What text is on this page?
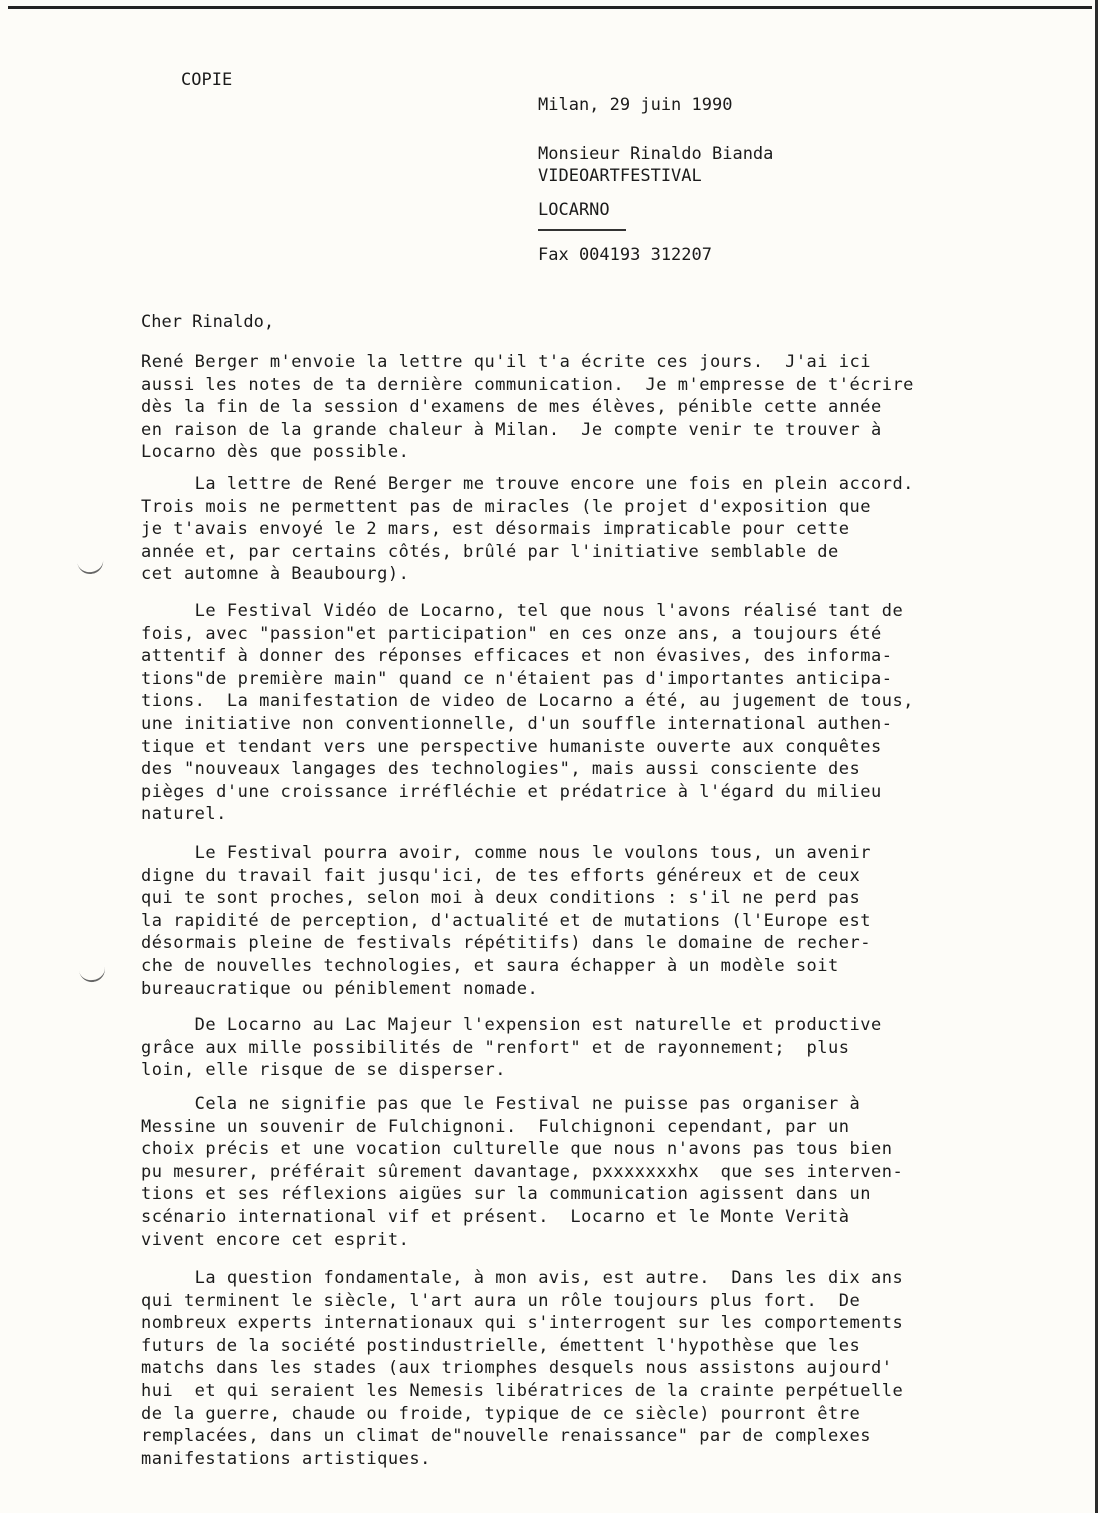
COPIE
Milan, 29 juin 1990
Monsieur Rinaldo Bianda
VIDEOARTFESTIVAL
LOCARNO
Fax 004193 312207
Cher Rinaldo,
René Berger m'envoie la lettre qu'il t'a écrite ces jours.  J'ai ici
aussi les notes de ta dernière communication.  Je m'empresse de t'écrire
dès la fin de la session d'examens de mes élèves, pénible cette année
en raison de la grande chaleur à Milan.  Je compte venir te trouver à
Locarno dès que possible.
La lettre de René Berger me trouve encore une fois en plein accord.
Trois mois ne permettent pas de miracles (le projet d'exposition que
je t'avais envoyé le 2 mars, est désormais impraticable pour cette
année et, par certains côtés, brûlé par l'initiative semblable de
cet automne à Beaubourg).
Le Festival Vidéo de Locarno, tel que nous l'avons réalisé tant de
fois, avec "passion"et participation" en ces onze ans, a toujours été
attentif à donner des réponses efficaces et non évasives, des informa-
tions"de première main" quand ce n'étaient pas d'importantes anticipa-
tions.  La manifestation de video de Locarno a été, au jugement de tous,
une initiative non conventionnelle, d'un souffle international authen-
tique et tendant vers une perspective humaniste ouverte aux conquêtes
des "nouveaux langages des technologies", mais aussi consciente des
pièges d'une croissance irréfléchie et prédatrice à l'égard du milieu
naturel.
Le Festival pourra avoir, comme nous le voulons tous, un avenir
digne du travail fait jusqu'ici, de tes efforts généreux et de ceux
qui te sont proches, selon moi à deux conditions : s'il ne perd pas
la rapidité de perception, d'actualité et de mutations (l'Europe est
désormais pleine de festivals répétitifs) dans le domaine de recher-
che de nouvelles technologies, et saura échapper à un modèle soit
bureaucratique ou péniblement nomade.
De Locarno au Lac Majeur l'expension est naturelle et productive
grâce aux mille possibilités de "renfort" et de rayonnement;  plus
loin, elle risque de se disperser.
Cela ne signifie pas que le Festival ne puisse pas organiser à
Messine un souvenir de Fulchignoni.  Fulchignoni cependant, par un
choix précis et une vocation culturelle que nous n'avons pas tous bien
pu mesurer, préférait sûrement davantage, pxxxxxxxhx  que ses interven-
tions et ses réflexions aigües sur la communication agissent dans un
scénario international vif et présent.  Locarno et le Monte Verità
vivent encore cet esprit.
La question fondamentale, à mon avis, est autre.  Dans les dix ans
qui terminent le siècle, l'art aura un rôle toujours plus fort.  De
nombreux experts internationaux qui s'interrogent sur les comportements
futurs de la société postindustrielle, émettent l'hypothèse que les
matchs dans les stades (aux triomphes desquels nous assistons aujourd'
hui  et qui seraient les Nemesis libératrices de la crainte perpétuelle
de la guerre, chaude ou froide, typique de ce siècle) pourront être
remplacées, dans un climat de"nouvelle renaissance" par de complexes
manifestations artistiques.
